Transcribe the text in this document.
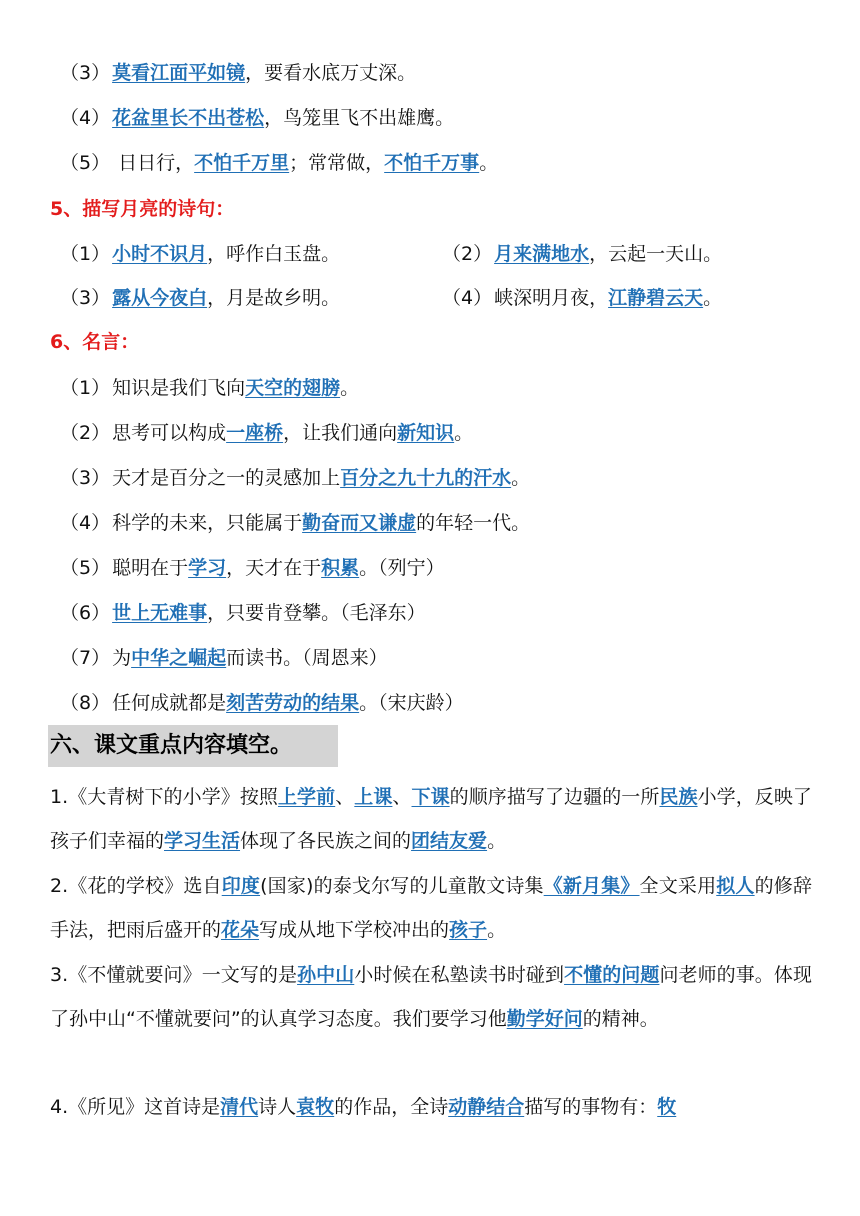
（3） 莫看江面平如镜，要看水底万丈深。
（4） 花盆里长不出苍松，鸟笼里飞不出雄鹰。
（5） 日日行，不怕千万里；常常做，不怕千万事。
5、描写月亮的诗句：
（1） 小时不识月，呼作白玉盘。	（2） 月来满地水，云起一天山。
（3） 露从今夜白，月是故乡明。	（4） 峡深明月夜，江静碧云天。
6、名言：
（1） 知识是我们飞向天空的翅膀。
（2） 思考可以构成一座桥，让我们通向新知识。
（3） 天才是百分之一的灵感加上百分之九十九的汗水。
（4） 科学的未来，只能属于勤奋而又谦虚的年轻一代。
（5） 聪明在于学习，天才在于积累。（列宁）
（6） 世上无难事，只要肯登攀。（毛泽东）
（7） 为中华之崛起而读书。（周恩来）
（8） 任何成就都是刻苦劳动的结果。（宋庆龄）
六、课文重点内容填空。
1.《大青树下的小学》按照上学前、上课、下课的顺序描写了边疆的一所民族小学，反映了孩子们幸福的学习生活体现了各民族之间的团结友爱。
2.《花的学校》选自印度(国家)的泰戈尔写的儿童散文诗集《新月集》全文采用拟人的修辞手法，把雨后盛开的花朵写成从地下学校冲出的孩子。
3.《不懂就要问》一文写的是孙中山小时候在私塾读书时碰到不懂的问题问老师的事。体现了孙中山“不懂就要问”的认真学习态度。我们要学习他勤学好问的精神。
4.《所见》这首诗是清代诗人袁牧的作品，全诗动静结合描写的事物有：牧
